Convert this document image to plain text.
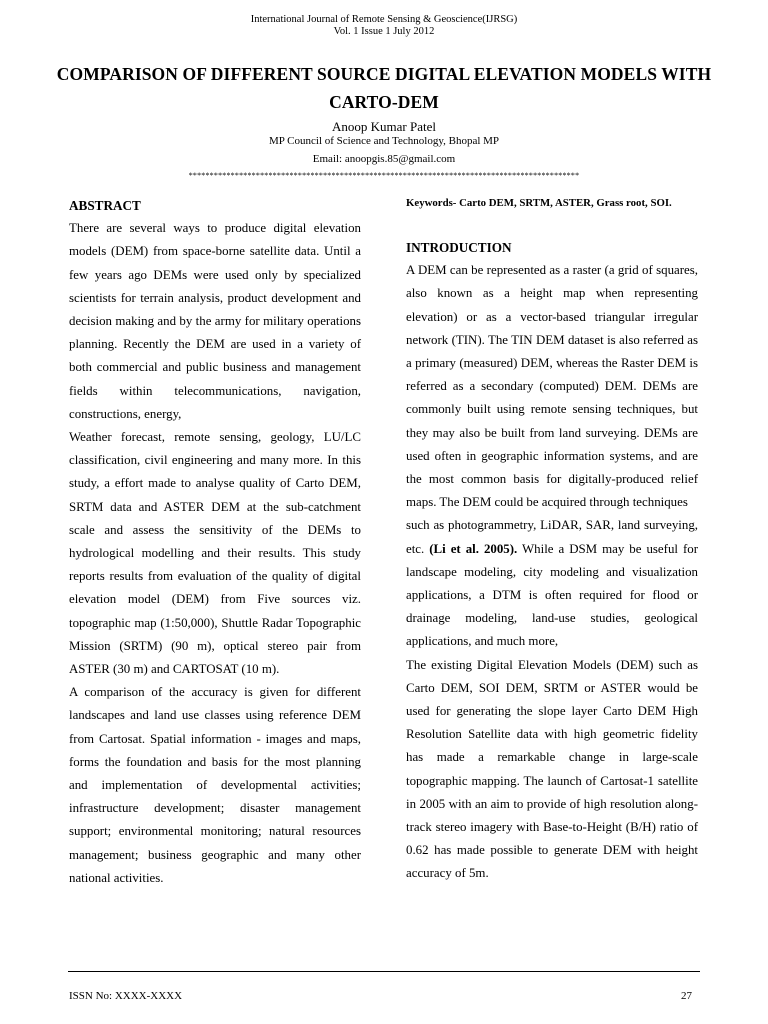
International Journal of Remote Sensing & Geoscience(IJRSG)
Vol. 1 Issue 1 July 2012
COMPARISON OF DIFFERENT SOURCE DIGITAL ELEVATION MODELS WITH CARTO-DEM
Anoop Kumar Patel
MP Council of Science and Technology, Bhopal MP
Email: anoopgis.85@gmail.com
*********************************************************************************************

ABSTRACT

There are several ways to produce digital elevation models (DEM) from space-borne satellite data. Until a few years ago DEMs were used only by specialized scientists for terrain analysis, product development and decision making and by the army for military operations planning. Recently the DEM are used in a variety of both commercial and public business and management fields within telecommunications, navigation, constructions, energy,

Weather forecast, remote sensing, geology, LU/LC classification, civil engineering and many more. In this study, a effort made to analyse quality of Carto DEM, SRTM data and ASTER DEM at the sub-catchment scale and assess the sensitivity of the DEMs to hydrological modelling and their results. This study reports results from evaluation of the quality of digital elevation model (DEM) from Five sources viz. topographic map (1:50,000), Shuttle Radar Topographic Mission (SRTM) (90 m), optical stereo pair from ASTER (30 m) and CARTOSAT (10 m).

A comparison of the accuracy is given for different landscapes and land use classes using reference DEM from Cartosat. Spatial information - images and maps, forms the foundation and basis for the most planning and implementation of developmental activities; infrastructure development; disaster management support; environmental monitoring; natural resources management; business geographic and many other national activities.

Keywords- Carto DEM, SRTM, ASTER, Grass root, SOI.

INTRODUCTION

A DEM can be represented as a raster (a grid of squares, also known as a height map when representing elevation) or as a vector-based triangular irregular network (TIN). The TIN DEM dataset is also referred as a primary (measured) DEM, whereas the Raster DEM is referred as a secondary (computed) DEM. DEMs are commonly built using remote sensing techniques, but they may also be built from land surveying. DEMs are used often in geographic information systems, and are the most common basis for digitally-produced relief maps. The DEM could be acquired through techniques

such as photogrammetry, LiDAR, SAR, land surveying, etc. (Li et al. 2005). While a DSM may be useful for landscape modeling, city modeling and visualization applications, a DTM is often required for flood or drainage modeling, land-use studies, geological applications, and much more,

The existing Digital Elevation Models (DEM) such as Carto DEM, SOI DEM, SRTM or ASTER would be used for generating the slope layer Carto DEM High Resolution Satellite data with high geometric fidelity has made a remarkable change in large-scale topographic mapping. The launch of Cartosat-1 satellite in 2005 with an aim to provide of high resolution along-track stereo imagery with Base-to-Height (B/H) ratio of 0.62 has made possible to generate DEM with height accuracy of 5m.

ISSN No: XXXX-XXXX	27
